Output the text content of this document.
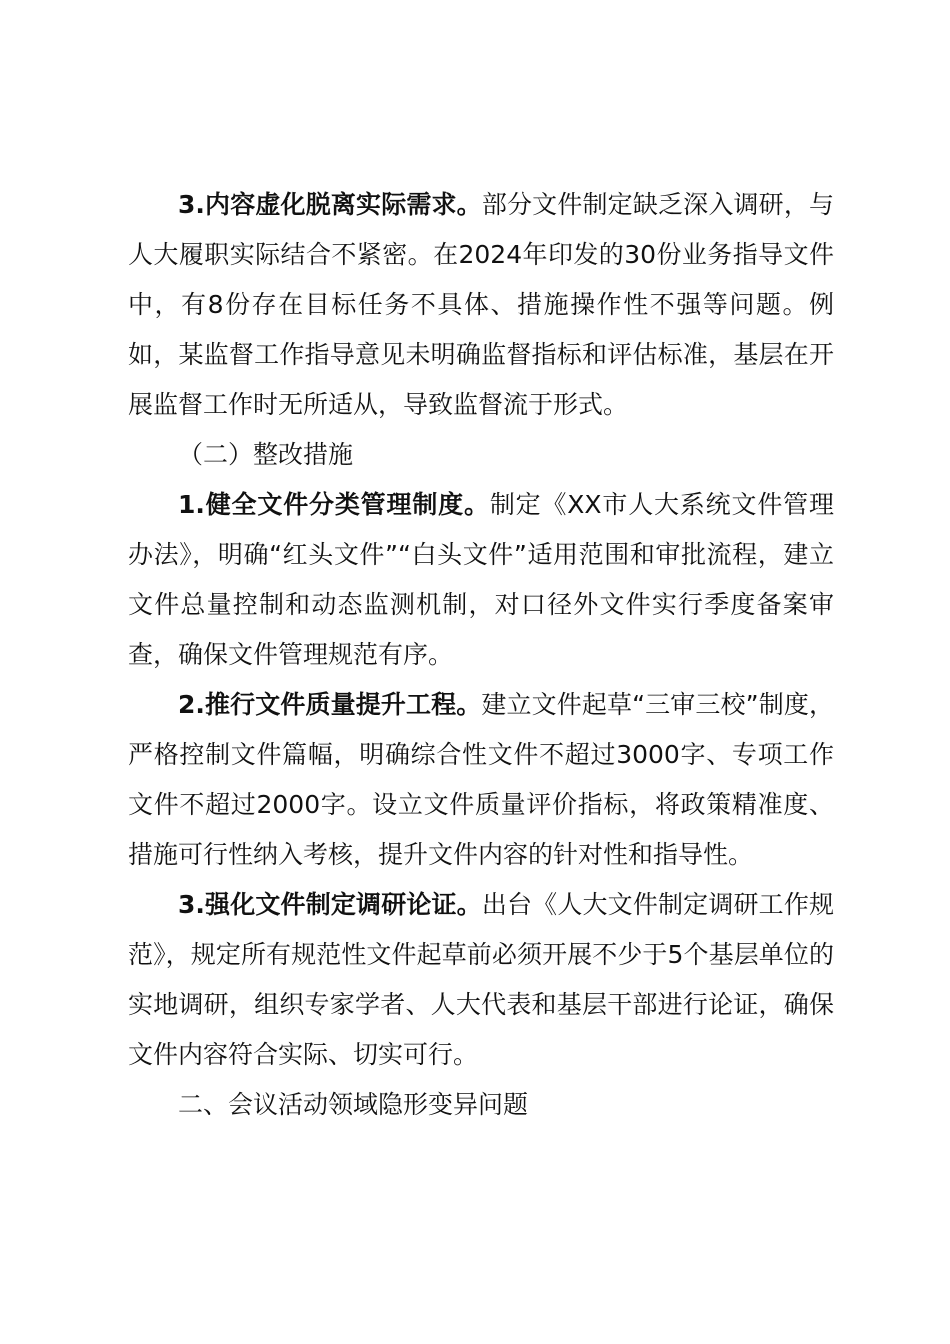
3.内容虚化脱离实际需求。部分文件制定缺乏深入调研，与人大履职实际结合不紧密。在2024年印发的30份业务指导文件中，有8份存在目标任务不具体、措施操作性不强等问题。例如，某监督工作指导意见未明确监督指标和评估标准，基层在开展监督工作时无所适从，导致监督流于形式。

（二）整改措施

1.健全文件分类管理制度。制定《XX市人大系统文件管理办法》，明确“红头文件”“白头文件”适用范围和审批流程，建立文件总量控制和动态监测机制，对口径外文件实行季度备案审查，确保文件管理规范有序。

2.推行文件质量提升工程。建立文件起草“三审三校”制度，严格控制文件篇幅，明确综合性文件不超过3000字、专项工作文件不超过2000字。设立文件质量评价指标，将政策精准度、措施可行性纳入考核，提升文件内容的针对性和指导性。

3.强化文件制定调研论证。出台《人大文件制定调研工作规范》，规定所有规范性文件起草前必须开展不少于5个基层单位的实地调研，组织专家学者、人大代表和基层干部进行论证，确保文件内容符合实际、切实可行。

二、会议活动领域隐形变异问题
